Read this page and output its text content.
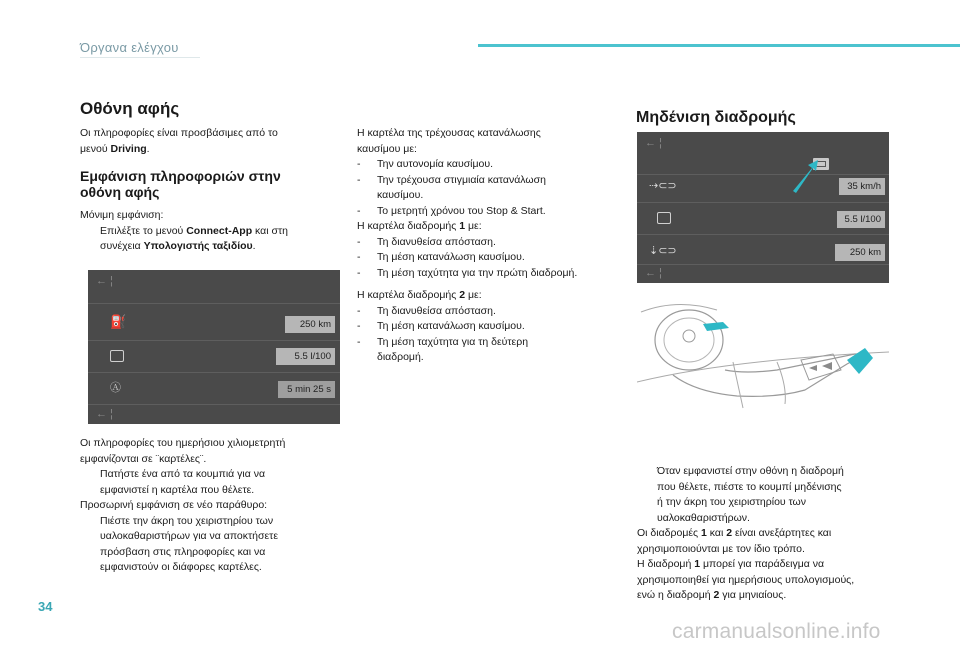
Όργανα ελέγχου
Οθόνη αφής
Οι πληροφορίες είναι προσβάσιμες από το
μενού Driving.
Εμφάνιση πληροφοριών στην
οθόνη αφής
Μόνιμη εμφάνιση:
Επιλέξτε το μενού Connect-App και στη
συνέχεια Υπολογιστής ταξιδίου.
← ¦
⛽	250 km
5.5 l/100
Ⓐ	5 min 25 s
← ¦
Οι πληροφορίες του ημερήσιου χιλιομετρητή
εμφανίζονται σε ¨καρτέλες¨.
Πατήστε ένα από τα κουμπιά για να
εμφανιστεί η καρτέλα που θέλετε.
Προσωρινή εμφάνιση σε νέο παράθυρο:
Πιέστε την άκρη του χειριστηρίου των
υαλοκαθαριστήρων για να αποκτήσετε
πρόσβαση στις πληροφορίες και να
εμφανιστούν οι διάφορες καρτέλες.
Η καρτέλα της τρέχουσας κατανάλωσης
καυσίμου με:
- Την αυτονομία καυσίμου.
- Την τρέχουσα στιγμιαία κατανάλωση
καυσίμου.
- Το μετρητή χρόνου του Stop & Start.
Η καρτέλα διαδρομής 1 με:
- Τη διανυθείσα απόσταση.
- Τη μέση κατανάλωση καυσίμου.
- Τη μέση ταχύτητα για την πρώτη διαδρομή.
Η καρτέλα διαδρομής 2 με:
- Τη διανυθείσα απόσταση.
- Τη μέση κατανάλωση καυσίμου.
- Τη μέση ταχύτητα για τη δεύτερη
διαδρομή.
Μηδένιση διαδρομής
← ¦
⇢⊂⊃	35 km/h
5.5 l/100
⇣⊂⊃	250 km
← ¦
Όταν εμφανιστεί στην οθόνη η διαδρομή
που θέλετε, πιέστε το κουμπί μηδένισης
ή την άκρη του χειριστηρίου των
υαλοκαθαριστήρων.
Οι διαδρομές 1 και 2 είναι ανεξάρτητες και
χρησιμοποιούνται με τον ίδιο τρόπο.
Η διαδρομή 1 μπορεί για παράδειγμα να
χρησιμοποιηθεί για ημερήσιους υπολογισμούς,
ενώ η διαδρομή 2 για μηνιαίους.
34
carmanualsonline.info
